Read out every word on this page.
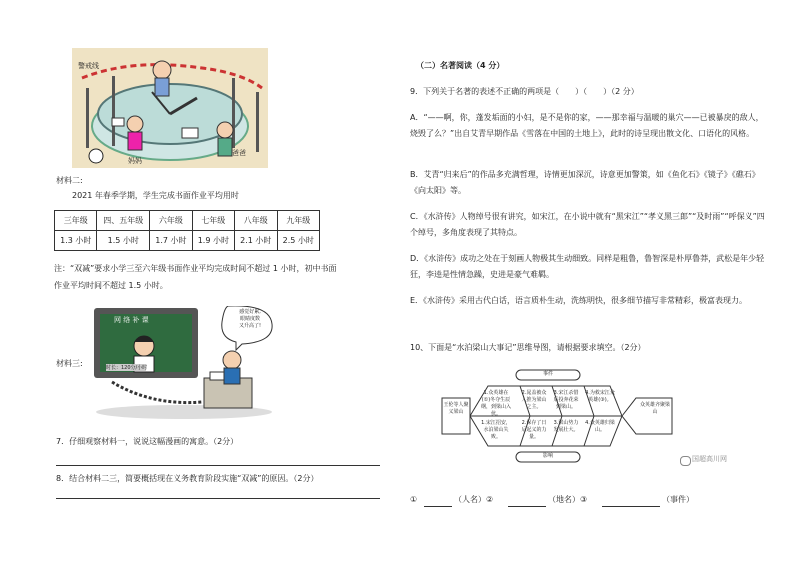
警戒线
妈妈
爸爸
材料二:
2021 年春季学期，学生完成书面作业平均用时
三年级	四、五年级	六年级	七年级	八年级	九年级
1.3 小时	1.5 小时	1.7 小时	1.9 小时	2.1 小时	2.5 小时
注：“双减”要求小学三至六年级书面作业平均完成时间不超过 1 小时，初中书面
作业平均时间不超过 1.5 小时。
网 络 补 课
感觉好累,
眼睛度数
又升高了!
时长：120分/小时
材料三:
7．仔细观察材料一，说说这幅漫画的寓意。（2分）
8．结合材料二三，简要概括现在义务教育阶段实施“双减”的原因。（2分）
（二）名著阅读（4 分）
9．下列关于名著的表述不正确的两项是（　　）（　　）（2 分）
A．“——啊，你，蓬发垢面的小妇，是不是你的家，——那幸福与温暖的巢穴——已被暴戾的敌人，烧毁了么？”出自艾青早期作品《雪落在中国的土地上》，此时的诗呈现出散文化、口语化的风格。
B．艾青“归来后”的作品多充满哲理，诗情更加深沉，诗意更加警策，如《鱼化石》《镜子》《礁石》《向太阳》等。
C．《水浒传》人物绰号很有讲究，如宋江，在小说中就有“黑宋江”“孝义黑三郎”“及时雨”“呼保义”四个绰号，多角度表现了其特点。
D．《水浒传》成功之处在于刻画人物极其生动细致。同样是粗鲁，鲁智深是朴厚鲁莽，武松是年少轻狂，李逵是性情急躁，史进是豪气难羁。
E．《水浒传》采用古代白话，语言质朴生动，洗练明快，很多细节描写非常精彩，极富表现力。
10、下面是“水泊梁山大事记”思维导图，请根据要求填空。（2分）
事件
影响
王伦等人聚义梁山
众英雄齐聚梁山
1.众英雄在(①)冬夺生辰纲，到梁山入伙。
2.晁盖被众人推为梁山之主。
3.宋江杀惜后投奔花荣到梁山。
4.为救宋江众英雄(③)。
1.宋江招安，水泊梁山失败。
2.保存了日后起义的力量。
3.梁山势力发展壮大。
4.众英雄归梁山。
国超高川网
①	（人名）②	（地名）③	（事件）
